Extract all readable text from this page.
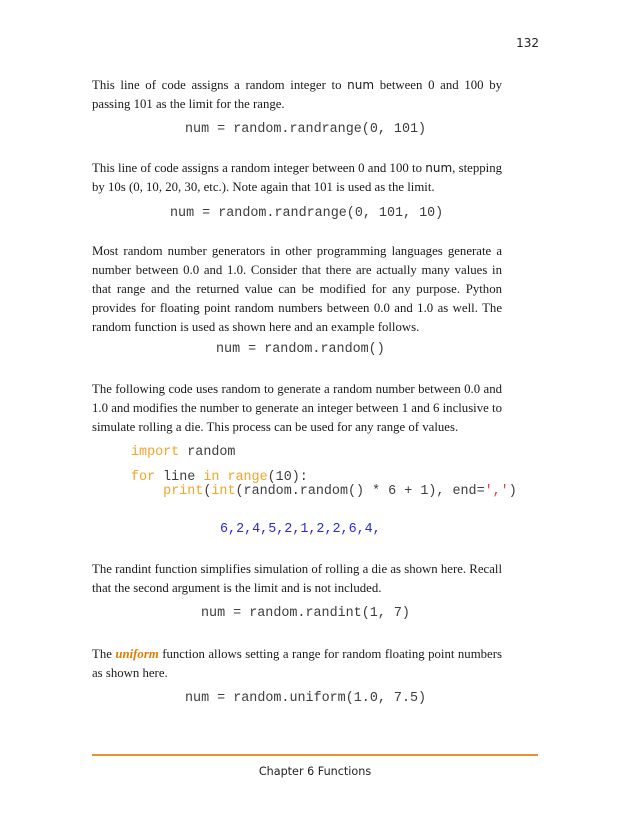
132

This line of code assigns a random integer to num between 0 and 100 by passing 101 as the limit for the range.

num = random.randrange(0, 101)

This line of code assigns a random integer between 0 and 100 to num, stepping by 10s (0, 10, 20, 30, etc.). Note again that 101 is used as the limit.

num = random.randrange(0, 101, 10)

Most random number generators in other programming languages generate a number between 0.0 and 1.0. Consider that there are actually many values in that range and the returned value can be modified for any purpose. Python provides for floating point random numbers between 0.0 and 1.0 as well. The random function is used as shown here and an example follows.

num = random.random()

The following code uses random to generate a random number between 0.0 and 1.0 and modifies the number to generate an integer between 1 and 6 inclusive to simulate rolling a die. This process can be used for any range of values.

import random
for line in range(10):
print(int(random.random() * 6 + 1), end=',')
6,2,4,5,2,1,2,2,6,4,

The randint function simplifies simulation of rolling a die as shown here. Recall that the second argument is the limit and is not included.

num = random.randint(1, 7)

The uniform function allows setting a range for random floating point numbers as shown here.

num = random.uniform(1.0, 7.5)
Chapter 6 Functions
